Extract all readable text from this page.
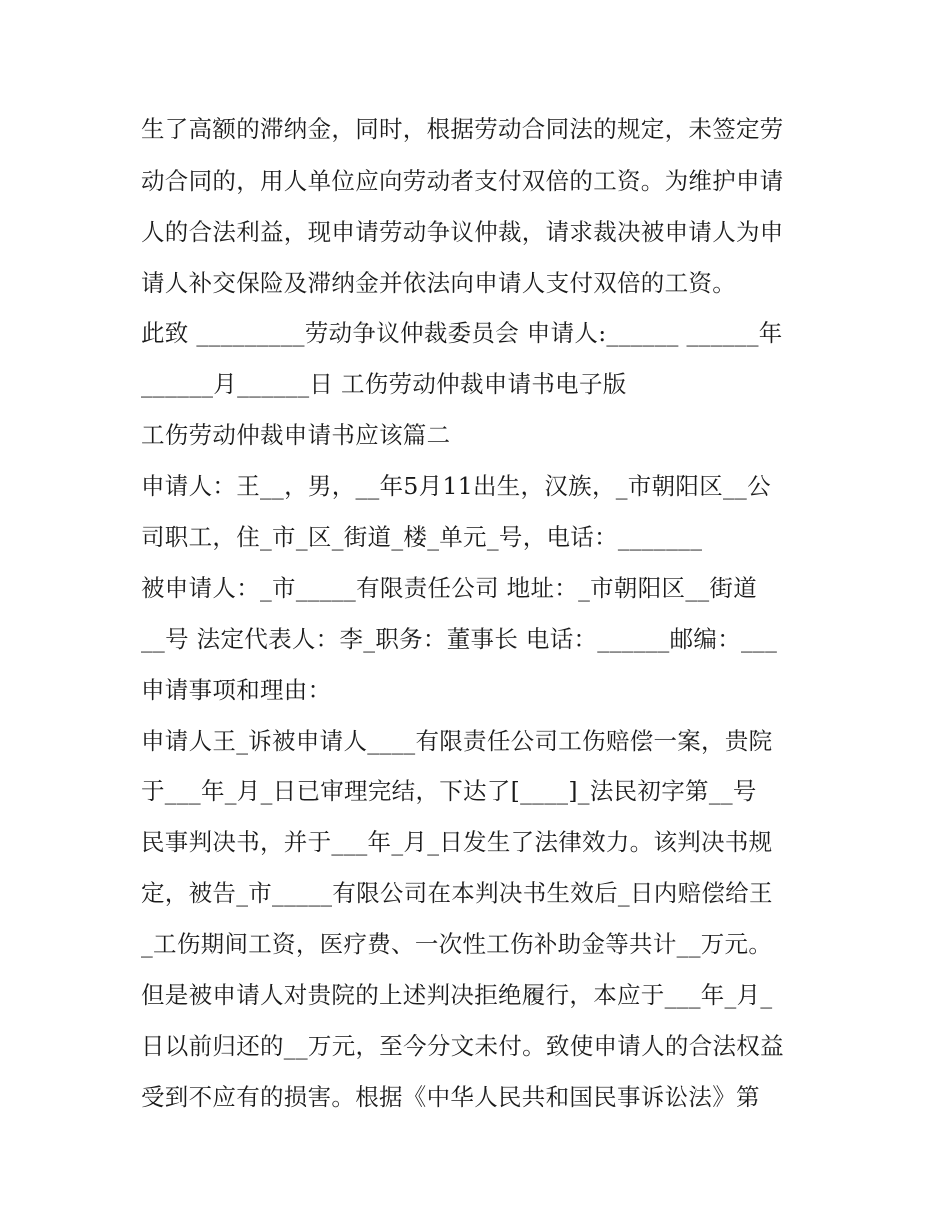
生了高额的滞纳金，同时，根据劳动合同法的规定，未签定劳
动合同的，用人单位应向劳动者支付双倍的工资。为维护申请
人的合法利益，现申请劳动争议仲裁，请求裁决被申请人为申
请人补交保险及滞纳金并依法向申请人支付双倍的工资。
此致 _________劳动争议仲裁委员会 申请人:______ ______年
______月______日 工伤劳动仲裁申请书电子版
工伤劳动仲裁申请书应该篇二
申请人：王__，男，__年5月11出生，汉族，_市朝阳区__公
司职工，住_市_区_街道_楼_单元_号，电话：_______
被申请人：_市_____有限责任公司 地址：_市朝阳区__街道
__号 法定代表人：李_职务：董事长 电话：______邮编：___
申请事项和理由：
申请人王_诉被申请人____有限责任公司工伤赔偿一案，贵院
于___年_月_日已审理完结，下达了[____]_法民初字第__号
民事判决书，并于___年_月_日发生了法律效力。该判决书规
定，被告_市_____有限公司在本判决书生效后_日内赔偿给王
_工伤期间工资，医疗费、一次性工伤补助金等共计__万元。
但是被申请人对贵院的上述判决拒绝履行，本应于___年_月_
日以前归还的__万元，至今分文未付。致使申请人的合法权益
受到不应有的损害。根据《中华人民共和国民事诉讼法》第
